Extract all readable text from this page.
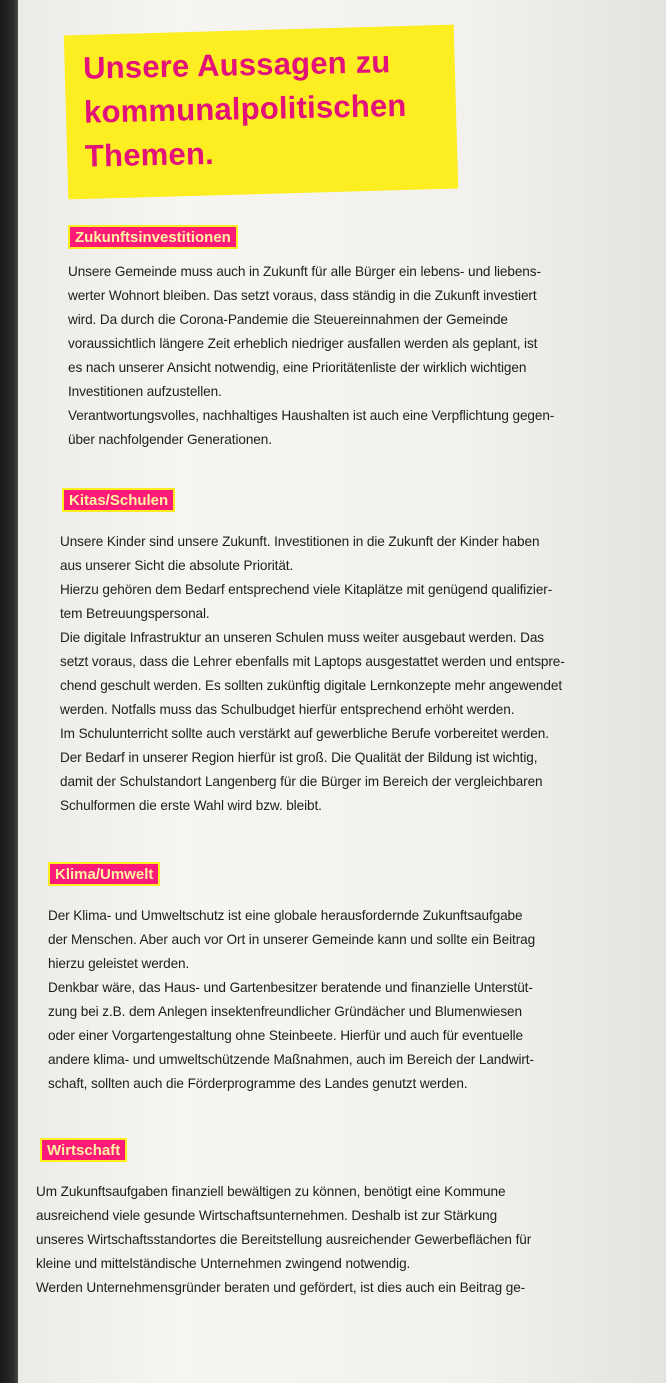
Unsere Aussagen zu kommunalpolitischen Themen.
Zukunftsinvestitionen
Unsere Gemeinde muss auch in Zukunft für alle Bürger ein lebens- und liebens-
werter Wohnort bleiben. Das setzt voraus, dass ständig in die Zukunft investiert
wird. Da durch die Corona-Pandemie die Steuereinnahmen der Gemeinde
voraussichtlich längere Zeit erheblich niedriger ausfallen werden als geplant, ist
es nach unserer Ansicht notwendig, eine Prioritätenliste der wirklich wichtigen
Investitionen aufzustellen.
Verantwortungsvolles, nachhaltiges Haushalten ist auch eine Verpflichtung gegen-
über nachfolgender Generationen.
Kitas/Schulen
Unsere Kinder sind unsere Zukunft. Investitionen in die Zukunft der Kinder haben
aus unserer Sicht die absolute Priorität.
Hierzu gehören dem Bedarf entsprechend viele Kitaplätze mit genügend qualifizier-
tem Betreuungspersonal.
Die digitale Infrastruktur an unseren Schulen muss weiter ausgebaut werden. Das
setzt voraus, dass die Lehrer ebenfalls mit Laptops ausgestattet werden und entspre-
chend geschult werden. Es sollten zukünftig digitale Lernkonzepte mehr angewendet
werden. Notfalls muss das Schulbudget hierfür entsprechend erhöht werden.
Im Schulunterricht sollte auch verstärkt auf gewerbliche Berufe vorbereitet werden.
Der Bedarf in unserer Region hierfür ist groß. Die Qualität der Bildung ist wichtig,
damit der Schulstandort Langenberg für die Bürger im Bereich der vergleichbaren
Schulformen die erste Wahl wird bzw. bleibt.
Klima/Umwelt
Der Klima- und Umweltschutz ist eine globale herausfordernde Zukunftsaufgabe
der Menschen. Aber auch vor Ort in unserer Gemeinde kann und sollte ein Beitrag
hierzu geleistet werden.
Denkbar wäre, das Haus- und Gartenbesitzer beratende und finanzielle Unterstüt-
zung bei z.B. dem Anlegen insektenfreundlicher Gründächer und Blumenwiesen
oder einer Vorgartengestaltung ohne Steinbeete. Hierfür und auch für eventuelle
andere klima- und umweltschützende Maßnahmen, auch im Bereich der Landwirt-
schaft, sollten auch die Förderprogramme des Landes genutzt werden.
Wirtschaft
Um Zukunftsaufgaben finanziell bewältigen zu können, benötigt eine Kommune
ausreichend viele gesunde Wirtschaftsunternehmen. Deshalb ist zur Stärkung
unseres Wirtschaftsstandortes die Bereitstellung ausreichender Gewerbeflächen für
kleine und mittelständische Unternehmen zwingend notwendig.
Werden Unternehmensgründer beraten und gefördert, ist dies auch ein Beitrag ge-
